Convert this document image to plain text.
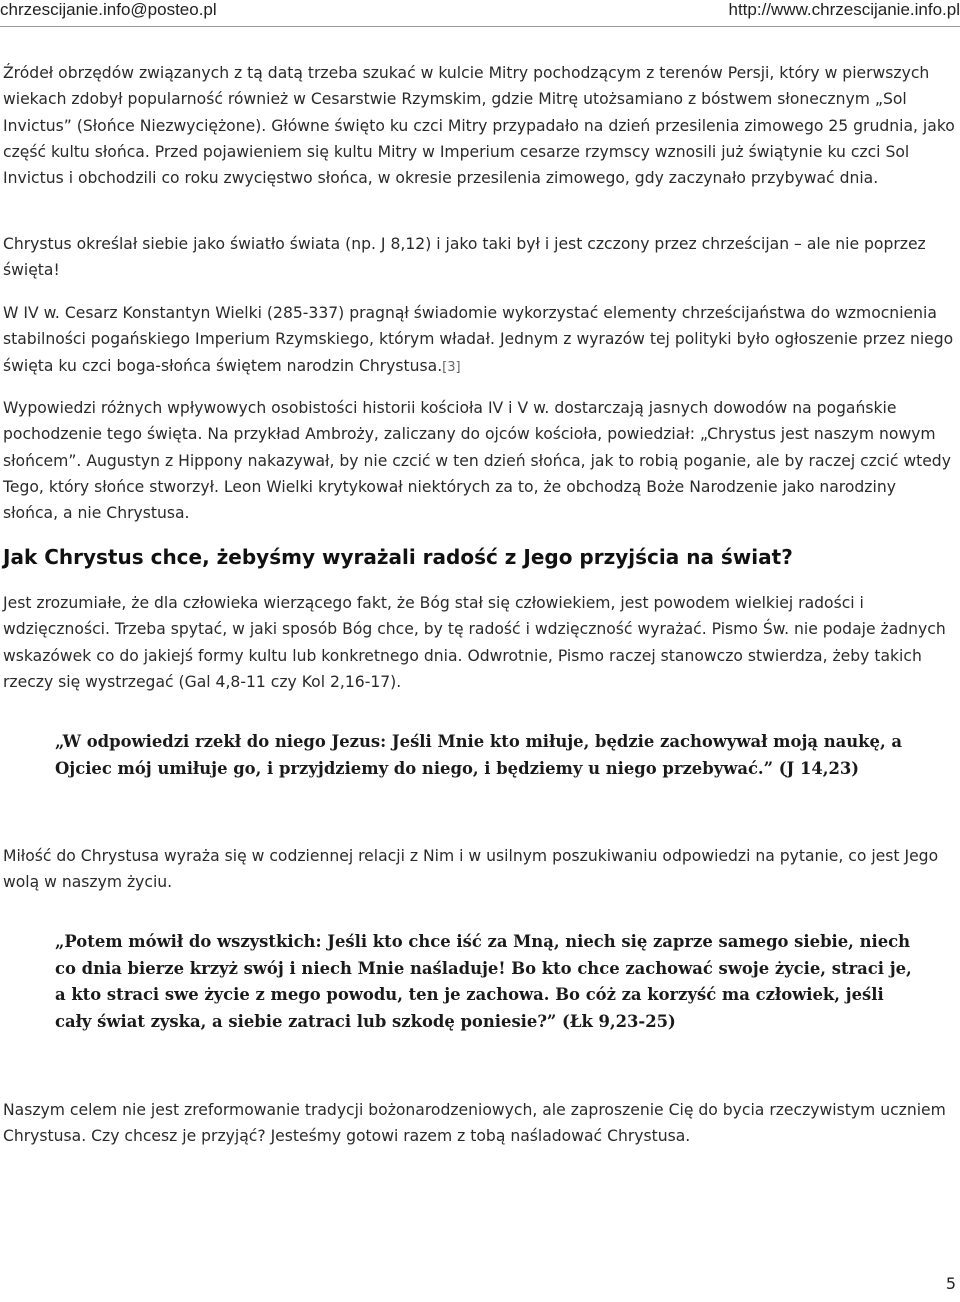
chrzescijanie.info@posteo.pl	http://www.chrzescijanie.info.pl

Źródeł obrzędów związanych z tą datą trzeba szukać w kulcie Mitry pochodzącym z terenów Persji, który w pierwszych wiekach zdobył popularność również w Cesarstwie Rzymskim, gdzie Mitrę utożsamiano z bóstwem słonecznym „Sol Invictus” (Słońce Niezwyciężone). Główne święto ku czci Mitry przypadało na dzień przesilenia zimowego 25 grudnia, jako część kultu słońca. Przed pojawieniem się kultu Mitry w Imperium cesarze rzymscy wznosili już świątynie ku czci Sol Invictus i obchodzili co roku zwycięstwo słońca, w okresie przesilenia zimowego, gdy zaczynało przybywać dnia.

Chrystus określał siebie jako światło świata (np. J 8,12) i jako taki był i jest czczony przez chrześcijan – ale nie poprzez święta!

W IV w. Cesarz Konstantyn Wielki (285-337) pragnął świadomie wykorzystać elementy chrześcijaństwa do wzmocnienia stabilności pogańskiego Imperium Rzymskiego, którym władał. Jednym z wyrazów tej polityki było ogłoszenie przez niego święta ku czci boga-słońca świętem narodzin Chrystusa.[3]

Wypowiedzi różnych wpływowych osobistości historii kościoła IV i V w. dostarczają jasnych dowodów na pogańskie pochodzenie tego święta. Na przykład Ambroży, zaliczany do ojców kościoła, powiedział: „Chrystus jest naszym nowym słońcem”. Augustyn z Hippony nakazywał, by nie czcić w ten dzień słońca, jak to robią poganie, ale by raczej czcić wtedy Tego, który słońce stworzył. Leon Wielki krytykował niektórych za to, że obchodzą Boże Narodzenie jako narodziny słońca, a nie Chrystusa.

Jak Chrystus chce, żebyśmy wyrażali radość z Jego przyjścia na świat?

Jest zrozumiałe, że dla człowieka wierzącego fakt, że Bóg stał się człowiekiem, jest powodem wielkiej radości i wdzięczności. Trzeba spytać, w jaki sposób Bóg chce, by tę radość i wdzięczność wyrażać. Pismo Św. nie podaje żadnych wskazówek co do jakiejś formy kultu lub konkretnego dnia. Odwrotnie, Pismo raczej stanowczo stwierdza, żeby takich rzeczy się wystrzegać (Gal 4,8-11 czy Kol 2,16-17).

„W odpowiedzi rzekł do niego Jezus: Jeśli Mnie kto miłuje, będzie zachowywał moją naukę, a Ojciec mój umiłuje go, i przyjdziemy do niego, i będziemy u niego przebywać.” (J 14,23)

Miłość do Chrystusa wyraża się w codziennej relacji z Nim i w usilnym poszukiwaniu odpowiedzi na pytanie, co jest Jego wolą w naszym życiu.

„Potem mówił do wszystkich: Jeśli kto chce iść za Mną, niech się zaprze samego siebie, niech co dnia bierze krzyż swój i niech Mnie naśladuje! Bo kto chce zachować swoje życie, straci je, a kto straci swe życie z mego powodu, ten je zachowa. Bo cóż za korzyść ma człowiek, jeśli cały świat zyska, a siebie zatraci lub szkodę poniesie?” (Łk 9,23-25)

Naszym celem nie jest zreformowanie tradycji bożonarodzeniowych, ale zaproszenie Cię do bycia rzeczywistym uczniem Chrystusa. Czy chcesz je przyjąć? Jesteśmy gotowi razem z tobą naśladować Chrystusa.

5
